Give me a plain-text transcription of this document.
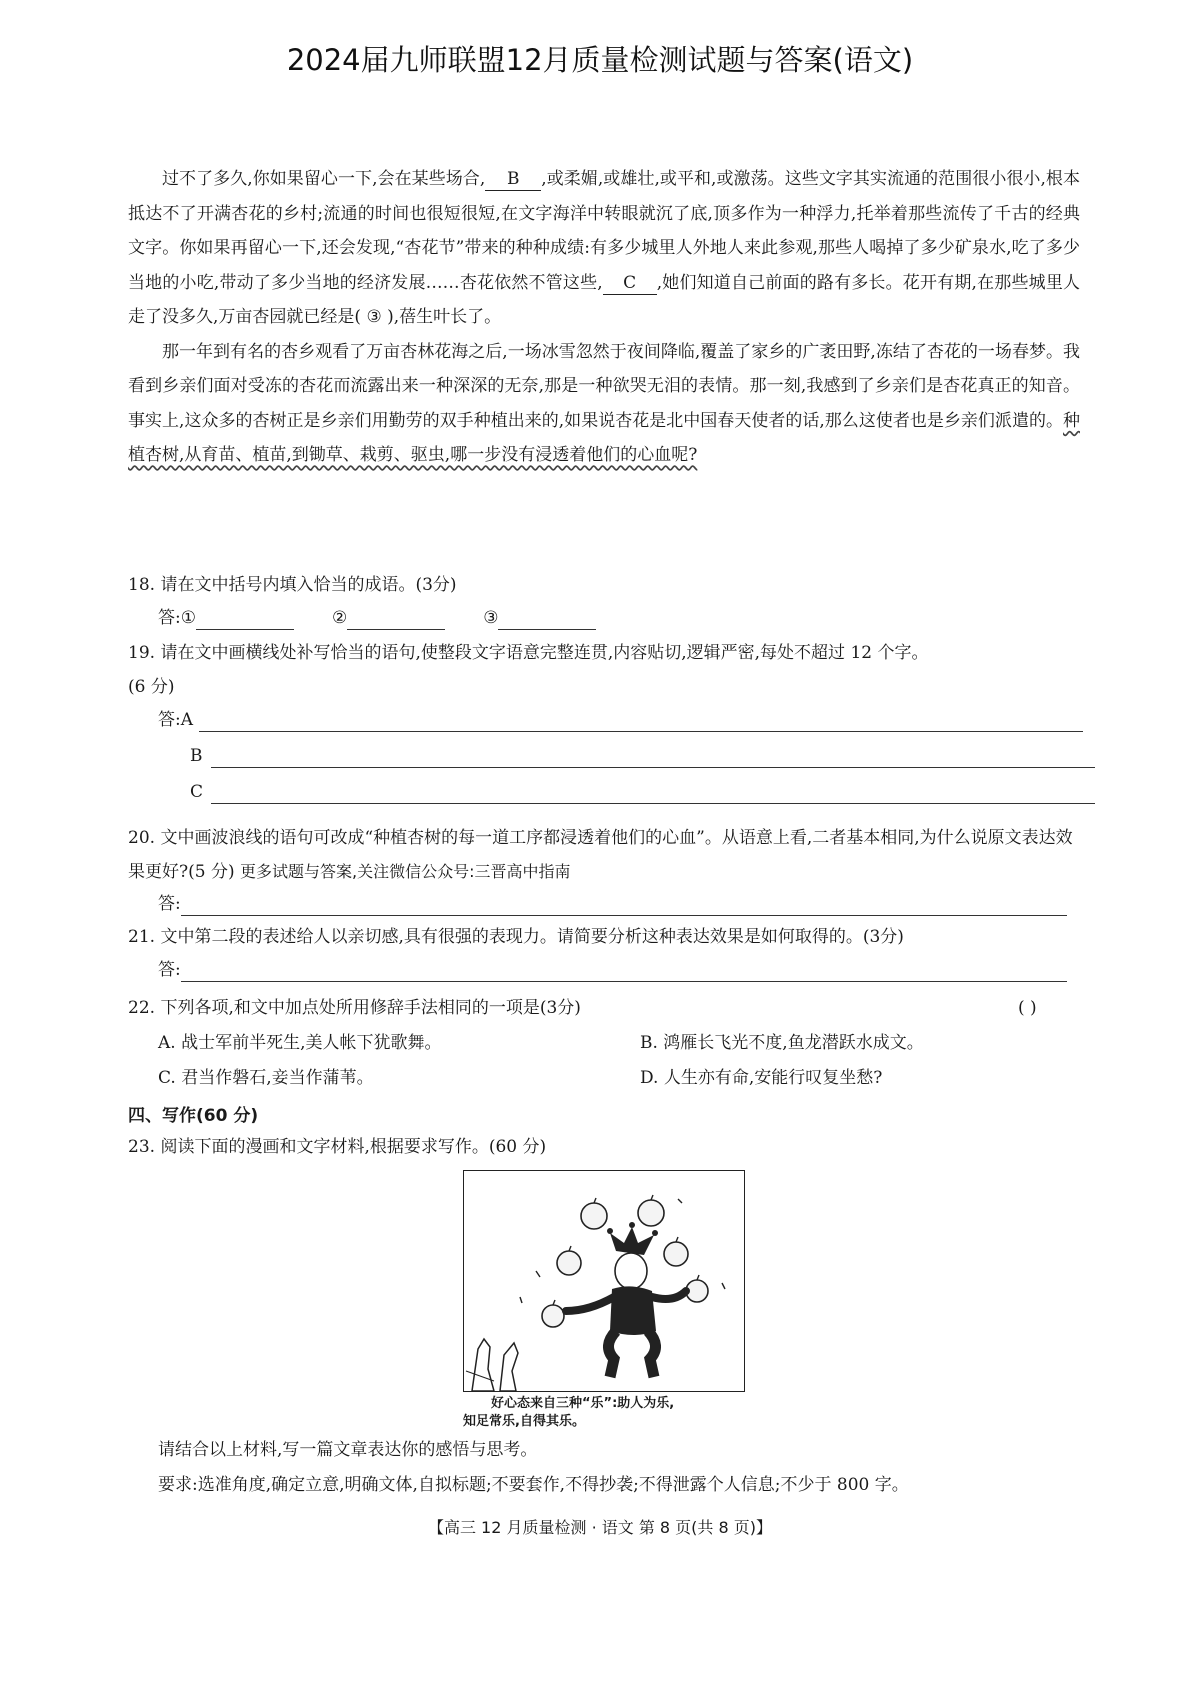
2024届九师联盟12月质量检测试题与答案(语文)

过不了多久,你如果留心一下,会在某些场合, B ,或柔媚,或雄壮,或平和,或激荡。这些文字其实流通的范围很小很小,根本抵达不了开满杏花的乡村;流通的时间也很短很短,在文字海洋中转眼就沉了底,顶多作为一种浮力,托举着那些流传了千古的经典文字。你如果再留心一下,还会发现,“杏花节”带来的种种成绩:有多少城里人外地人来此参观,那些人喝掉了多少矿泉水,吃了多少当地的小吃,带动了多少当地的经济发展……杏花依然不管这些, C ,她们知道自己前面的路有多长。花开有期,在那些城里人走了没多久,万亩杏园就已经是( ③ ),蓓生叶长了。

那一年到有名的杏乡观看了万亩杏林花海之后,一场冰雪忽然于夜间降临,覆盖了家乡的广袤田野,冻结了杏花的一场春梦。我看到乡亲们面对受冻的杏花而流露出来一种深深的无奈,那是一种欲哭无泪的表情。那一刻,我感到了乡亲们是杏花真正的知音。事实上,这众多的杏树正是乡亲们用勤劳的双手种植出来的,如果说杏花是北中国春天使者的话,那么这使者也是乡亲们派遣的。种植杏树,从育苗、植苗,到锄草、栽剪、驱虫,哪一步没有浸透着他们的心血呢?

18. 请在文中括号内填入恰当的成语。(3分)
答: ①	②	③
19. 请在文中画横线处补写恰当的语句,使整段文字语意完整连贯,内容贴切,逻辑严密,每处不超过 12 个字。
(6 分)
答: A
B
C
20. 文中画波浪线的语句可改成“种植杏树的每一道工序都浸透着他们的心血”。从语意上看,二者基本相同,为什么说原文表达效果更好?(5 分) 更多试题与答案,关注微信公众号:三晋高中指南
答:
21. 文中第二段的表述给人以亲切感,具有很强的表现力。请简要分析这种表达效果是如何取得的。(3分)
答:
22. 下列各项,和文中加点处所用修辞手法相同的一项是(3分)	( )
A. 战士军前半死生,美人帐下犹歌舞。	B. 鸿雁长飞光不度,鱼龙潜跃水成文。
C. 君当作磐石,妾当作蒲苇。	D. 人生亦有命,安能行叹复坐愁?
四、写作(60 分)
23. 阅读下面的漫画和文字材料,根据要求写作。(60 分)
好心态来自三种“乐”:助人为乐,
知足常乐,自得其乐。
请结合以上材料,写一篇文章表达你的感悟与思考。
要求:选准角度,确定立意,明确文体,自拟标题;不要套作,不得抄袭;不得泄露个人信息;不少于 800 字。
【高三 12 月质量检测 · 语文 第 8 页(共 8 页)】
